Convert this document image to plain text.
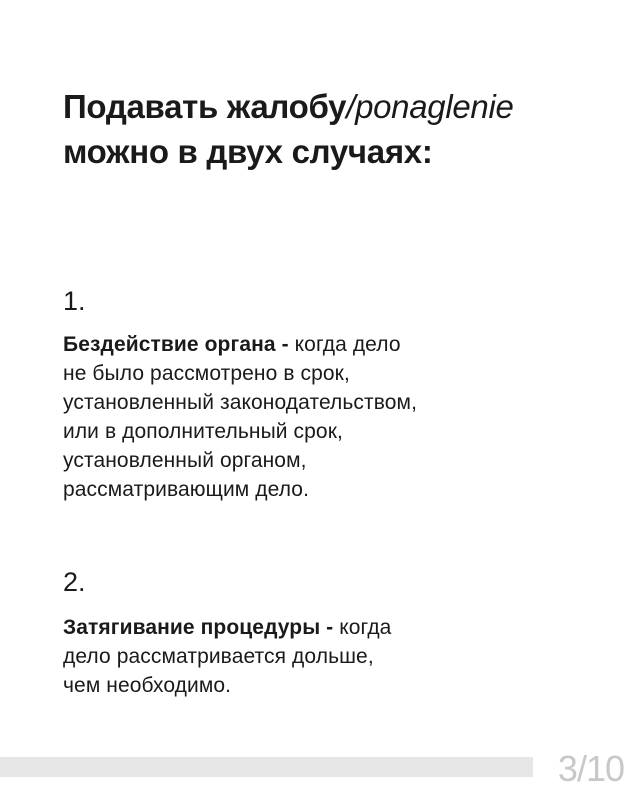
Подавать жалобу/ponaglenie
можно в двух случаях:
1.
Бездействие органа - когда дело
не было рассмотрено в срок,
установленный законодательством,
или в дополнительный срок,
установленный органом,
рассматривающим дело.
2.
Затягивание процедуры - когда
дело рассматривается дольше,
чем необходимо.
3/10
